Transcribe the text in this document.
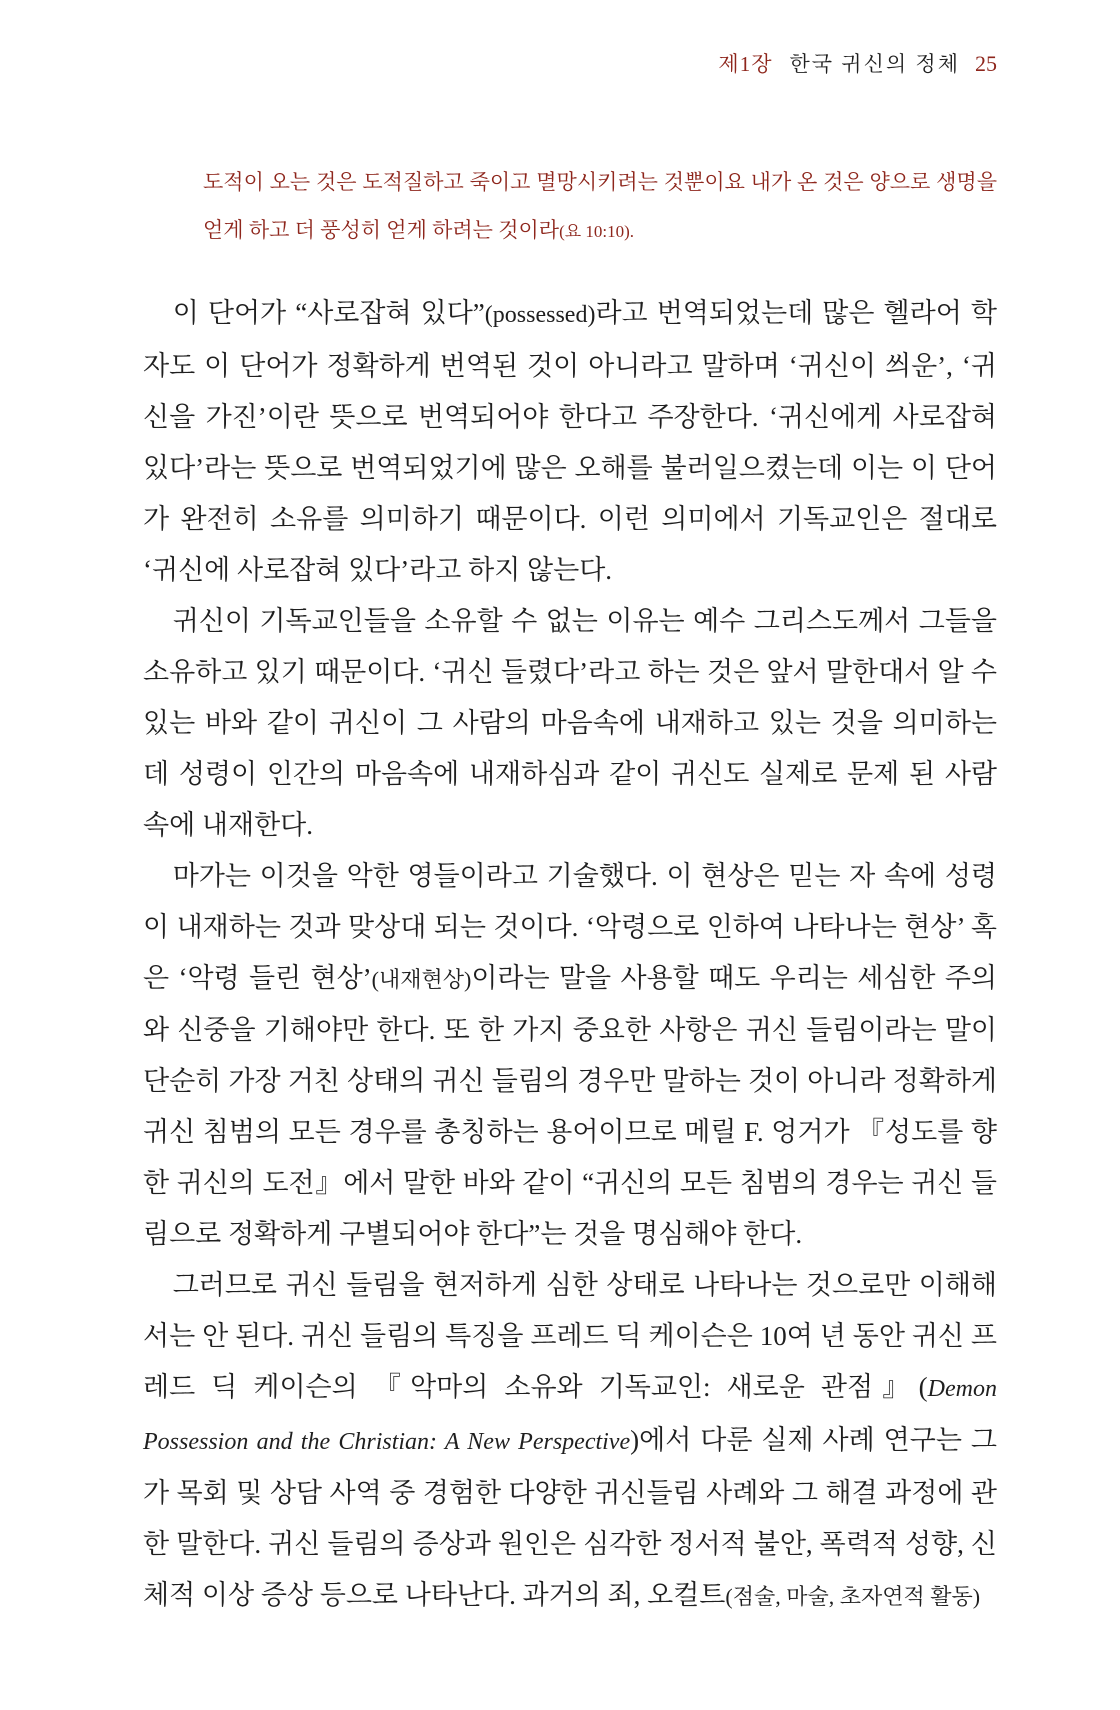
제1장 한국 귀신의 정체 25
도적이 오는 것은 도적질하고 죽이고 멸망시키려는 것뿐이요 내가 온 것은 양으로 생명을 얻게 하고 더 풍성히 얻게 하려는 것이라(요 10:10).

이 단어가 “사로잡혀 있다”(possessed)라고 번역되었는데 많은 헬라어 학자도 이 단어가 정확하게 번역된 것이 아니라고 말하며 ‘귀신이 씌운’, ‘귀신을 가진’이란 뜻으로 번역되어야 한다고 주장한다. ‘귀신에게 사로잡혀 있다’라는 뜻으로 번역되었기에 많은 오해를 불러일으켰는데 이는 이 단어가 완전히 소유를 의미하기 때문이다. 이런 의미에서 기독교인은 절대로 ‘귀신에 사로잡혀 있다’라고 하지 않는다.

귀신이 기독교인들을 소유할 수 없는 이유는 예수 그리스도께서 그들을 소유하고 있기 때문이다. ‘귀신 들렸다’라고 하는 것은 앞서 말한대서 알 수 있는 바와 같이 귀신이 그 사람의 마음속에 내재하고 있는 것을 의미하는 데 성령이 인간의 마음속에 내재하심과 같이 귀신도 실제로 문제 된 사람 속에 내재한다.

마가는 이것을 악한 영들이라고 기술했다. 이 현상은 믿는 자 속에 성령이 내재하는 것과 맞상대 되는 것이다. ‘악령으로 인하여 나타나는 현상’ 혹은 ‘악령 들린 현상’(내재현상)이라는 말을 사용할 때도 우리는 세심한 주의와 신중을 기해야만 한다. 또 한 가지 중요한 사항은 귀신 들림이라는 말이 단순히 가장 거친 상태의 귀신 들림의 경우만 말하는 것이 아니라 정확하게 귀신 침범의 모든 경우를 총칭하는 용어이므로 메릴 F. 엉거가 『성도를 향한 귀신의 도전』에서 말한 바와 같이 “귀신의 모든 침범의 경우는 귀신 들림으로 정확하게 구별되어야 한다”는 것을 명심해야 한다.

그러므로 귀신 들림을 현저하게 심한 상태로 나타나는 것으로만 이해해서는 안 된다. 귀신 들림의 특징을 프레드 딕 케이슨은 10여 년 동안 귀신 프레드 딕 케이슨의 『악마의 소유와 기독교인: 새로운 관점』(Demon Possession and the Christian: A New Perspective)에서 다룬 실제 사례 연구는 그가 목회 및 상담 사역 중 경험한 다양한 귀신들림 사례와 그 해결 과정에 관한 말한다. 귀신 들림의 증상과 원인은 심각한 정서적 불안, 폭력적 성향, 신체적 이상 증상 등으로 나타난다. 과거의 죄, 오컬트(점술, 마술, 초자연적 활동)
